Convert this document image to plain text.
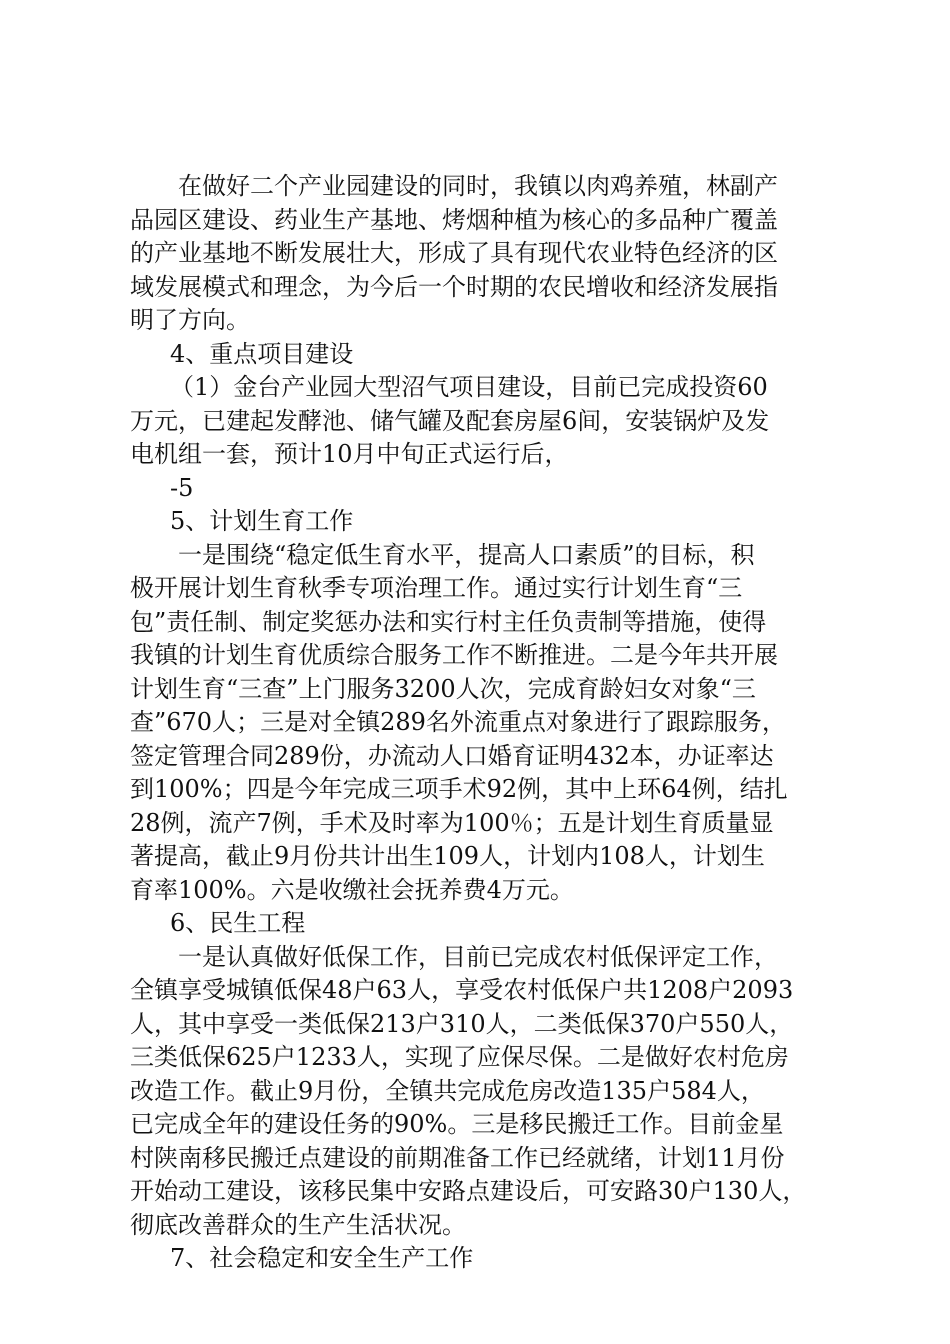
在做好二个产业园建设的同时，我镇以肉鸡养殖，林副产
品园区建设、药业生产基地、烤烟种植为核心的多品种广覆盖
的产业基地不断发展壮大，形成了具有现代农业特色经济的区
域发展模式和理念，为今后一个时期的农民增收和经济发展指
明了方向。
4、重点项目建设
（1）金台产业园大型沼气项目建设，目前已完成投资60
万元，已建起发酵池、储气罐及配套房屋6间，安装锅炉及发
电机组一套，预计10月中旬正式运行后，
-5
5、计划生育工作
一是围绕“稳定低生育水平，提高人口素质”的目标，积
极开展计划生育秋季专项治理工作。通过实行计划生育“三
包”责任制、制定奖惩办法和实行村主任负责制等措施，使得
我镇的计划生育优质综合服务工作不断推进。二是今年共开展
计划生育“三查”上门服务3200人次，完成育龄妇女对象“三
查”670人；三是对全镇289名外流重点对象进行了跟踪服务，
签定管理合同289份，办流动人口婚育证明432本，办证率达
到100%；四是今年完成三项手术92例，其中上环64例，结扎
28例，流产7例，手术及时率为100％；五是计划生育质量显
著提高，截止9月份共计出生109人，计划内108人，计划生
育率100%。六是收缴社会抚养费4万元。
6、民生工程
一是认真做好低保工作，目前已完成农村低保评定工作，
全镇享受城镇低保48户63人，享受农村低保户共1208户2093
人，其中享受一类低保213户310人，二类低保370户550人，
三类低保625户1233人，实现了应保尽保。二是做好农村危房
改造工作。截止9月份，全镇共完成危房改造135户584人，
已完成全年的建设任务的90%。三是移民搬迁工作。目前金星
村陕南移民搬迁点建设的前期准备工作已经就绪，计划11月份
开始动工建设，该移民集中安路点建设后，可安路30户130人，
彻底改善群众的生产生活状况。
7、社会稳定和安全生产工作
